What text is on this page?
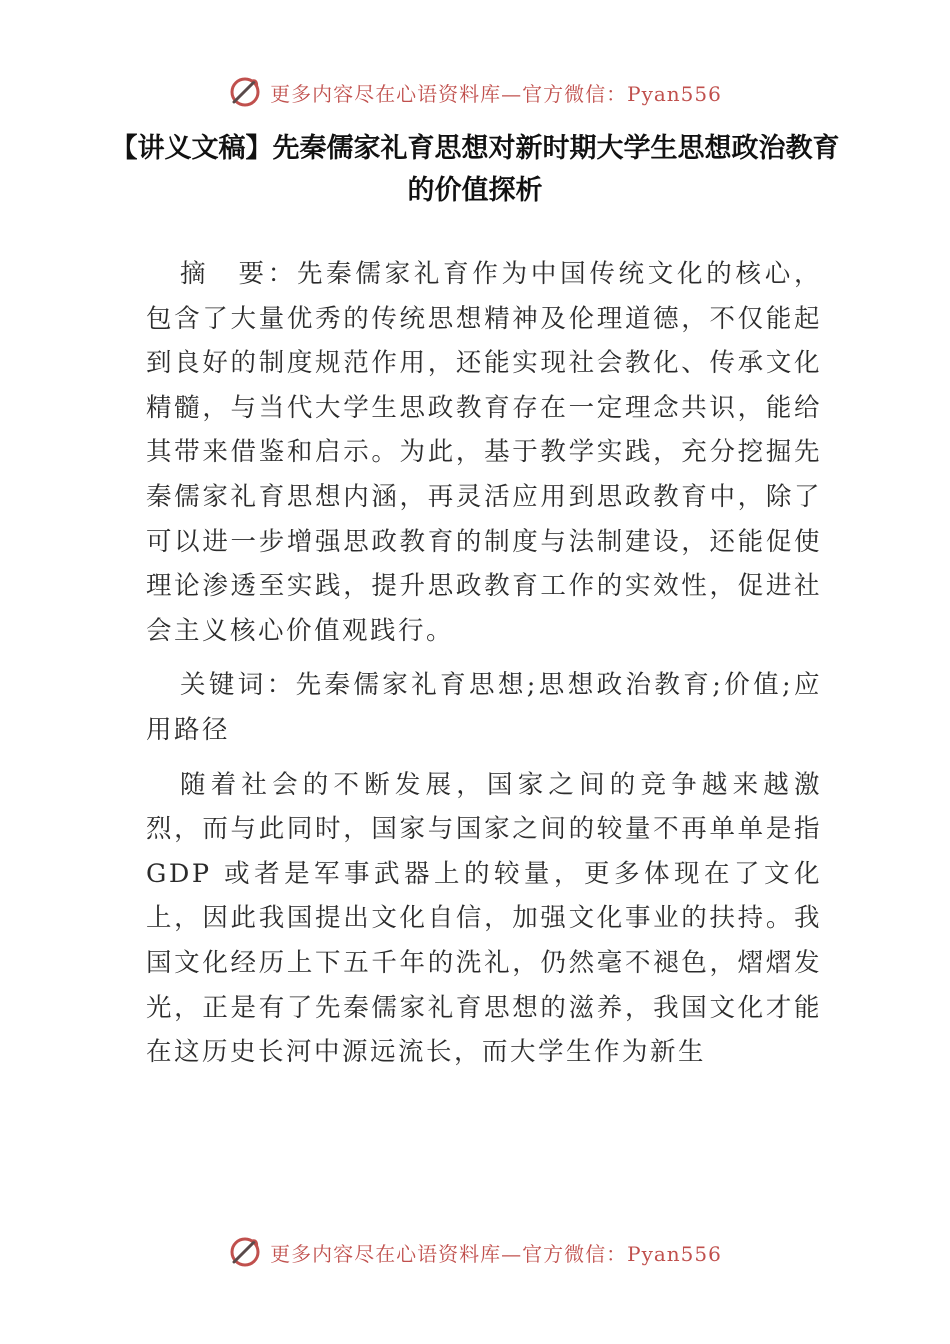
更多内容尽在心语资料库—官方微信：Pyan556
【讲义文稿】先秦儒家礼育思想对新时期大学生思想政治教育的价值探析

摘　要：先秦儒家礼育作为中国传统文化的核心，包含了大量优秀的传统思想精神及伦理道德，不仅能起到良好的制度规范作用，还能实现社会教化、传承文化精髓，与当代大学生思政教育存在一定理念共识，能给其带来借鉴和启示。为此，基于教学实践，充分挖掘先秦儒家礼育思想内涵，再灵活应用到思政教育中，除了可以进一步增强思政教育的制度与法制建设，还能促使理论渗透至实践，提升思政教育工作的实效性，促进社会主义核心价值观践行。

关键词：先秦儒家礼育思想;思想政治教育;价值;应用路径

随着社会的不断发展，国家之间的竞争越来越激烈，而与此同时，国家与国家之间的较量不再单单是指 GDP 或者是军事武器上的较量，更多体现在了文化上，因此我国提出文化自信，加强文化事业的扶持。我国文化经历上下五千年的洗礼，仍然毫不褪色，熠熠发光，正是有了先秦儒家礼育思想的滋养，我国文化才能在这历史长河中源远流长，而大学生作为新生

更多内容尽在心语资料库—官方微信：Pyan556
